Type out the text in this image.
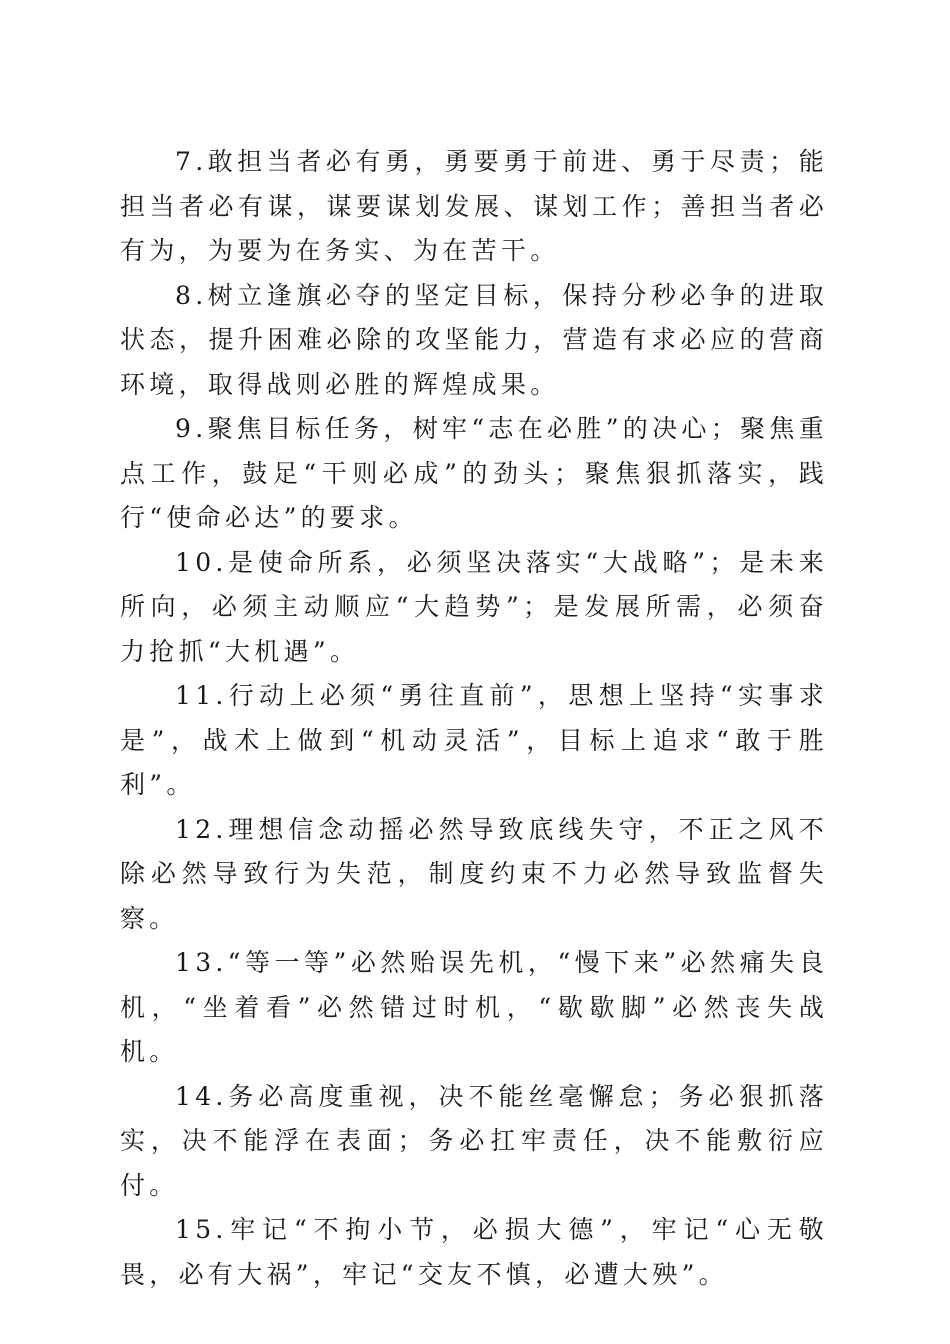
7.敢担当者必有勇，勇要勇于前进、勇于尽责；能担当者必有谋，谋要谋划发展、谋划工作；善担当者必有为，为要为在务实、为在苦干。

8.树立逢旗必夺的坚定目标，保持分秒必争的进取状态，提升困难必除的攻坚能力，营造有求必应的营商环境，取得战则必胜的辉煌成果。

9.聚焦目标任务，树牢“志在必胜”的决心；聚焦重点工作，鼓足“干则必成”的劲头；聚焦狠抓落实，践行“使命必达”的要求。

10.是使命所系，必须坚决落实“大战略”；是未来所向，必须主动顺应“大趋势”；是发展所需，必须奋力抢抓“大机遇”。

11.行动上必须“勇往直前”，思想上坚持“实事求是”，战术上做到“机动灵活”，目标上追求“敢于胜利”。

12.理想信念动摇必然导致底线失守，不正之风不除必然导致行为失范，制度约束不力必然导致监督失察。

13.“等一等”必然贻误先机，“慢下来”必然痛失良机，“坐着看”必然错过时机，“歇歇脚”必然丧失战机。

14.务必高度重视，决不能丝毫懈怠；务必狠抓落实，决不能浮在表面；务必扛牢责任，决不能敷衍应付。

15.牢记“不拘小节，必损大德”，牢记“心无敬畏，必有大祸”，牢记“交友不慎，必遭大殃”。
